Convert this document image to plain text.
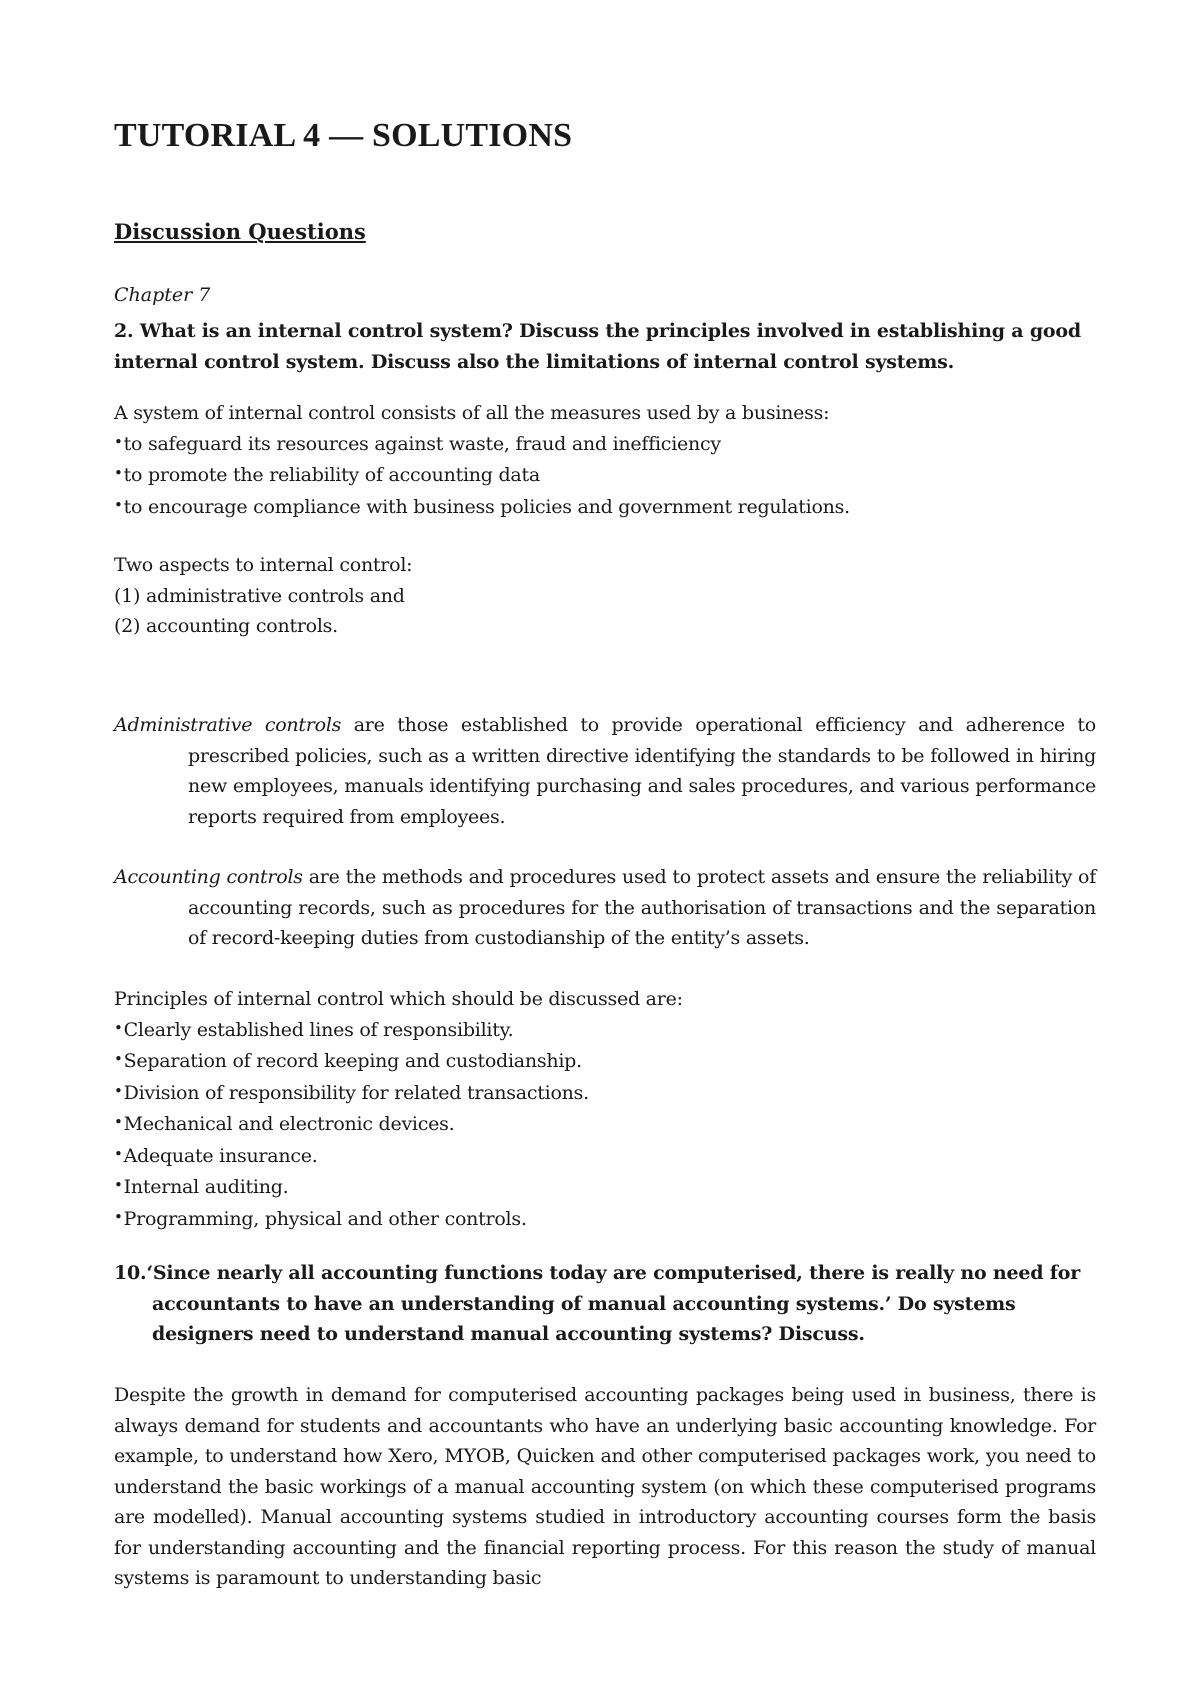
TUTORIAL 4 — SOLUTIONS
Discussion Questions

Chapter 7

2. What is an internal control system? Discuss the principles involved in establishing a good internal control system. Discuss also the limitations of internal control systems.

A system of internal control consists of all the measures used by a business:

• to safeguard its resources against waste, fraud and inefficiency
• to promote the reliability of accounting data
• to encourage compliance with business policies and government regulations.

Two aspects to internal control:

(1) administrative controls and
(2) accounting controls.

Administrative controls are those established to provide operational efficiency and adherence to prescribed policies, such as a written directive identifying the standards to be followed in hiring new employees, manuals identifying purchasing and sales procedures, and various performance reports required from employees.

Accounting controls are the methods and procedures used to protect assets and ensure the reliability of accounting records, such as procedures for the authorisation of transactions and the separation of record-keeping duties from custodianship of the entity’s assets.

Principles of internal control which should be discussed are:

• Clearly established lines of responsibility.
• Separation of record keeping and custodianship.
• Division of responsibility for related transactions.
• Mechanical and electronic devices.
• Adequate insurance.
• Internal auditing.
• Programming, physical and other controls.

10.‘Since nearly all accounting functions today are computerised, there is really no need for accountants to have an understanding of manual accounting systems.’ Do systems designers need to understand manual accounting systems? Discuss.

Despite the growth in demand for computerised accounting packages being used in business, there is always demand for students and accountants who have an underlying basic accounting knowledge. For example, to understand how Xero, MYOB, Quicken and other computerised packages work, you need to understand the basic workings of a manual accounting system (on which these computerised programs are modelled). Manual accounting systems studied in introductory accounting courses form the basis for understanding accounting and the financial reporting process. For this reason the study of manual systems is paramount to understanding basic
